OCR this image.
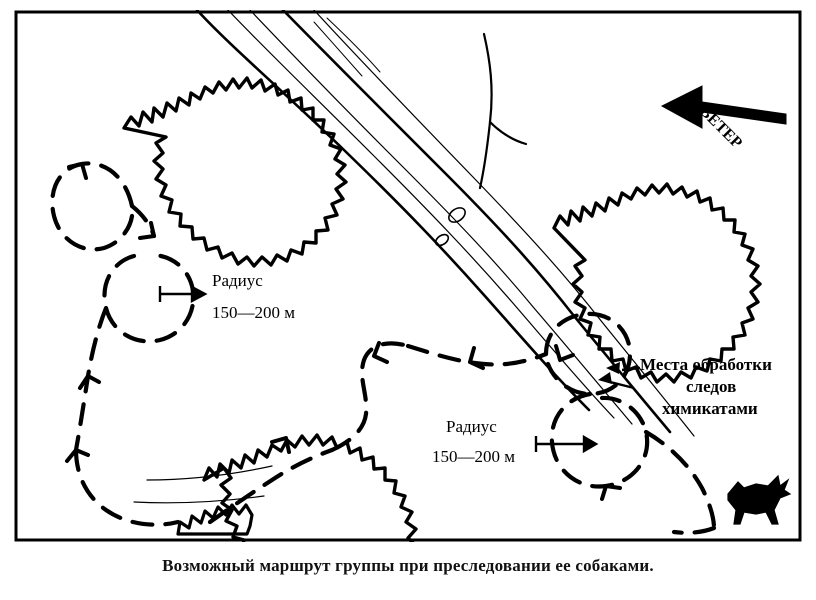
ВЕТЕР
Радиус
150—200 м
Радиус
150—200 м
Места обработки
следов
химикатами
Возможный маршрут группы при преследовании ее собаками.
